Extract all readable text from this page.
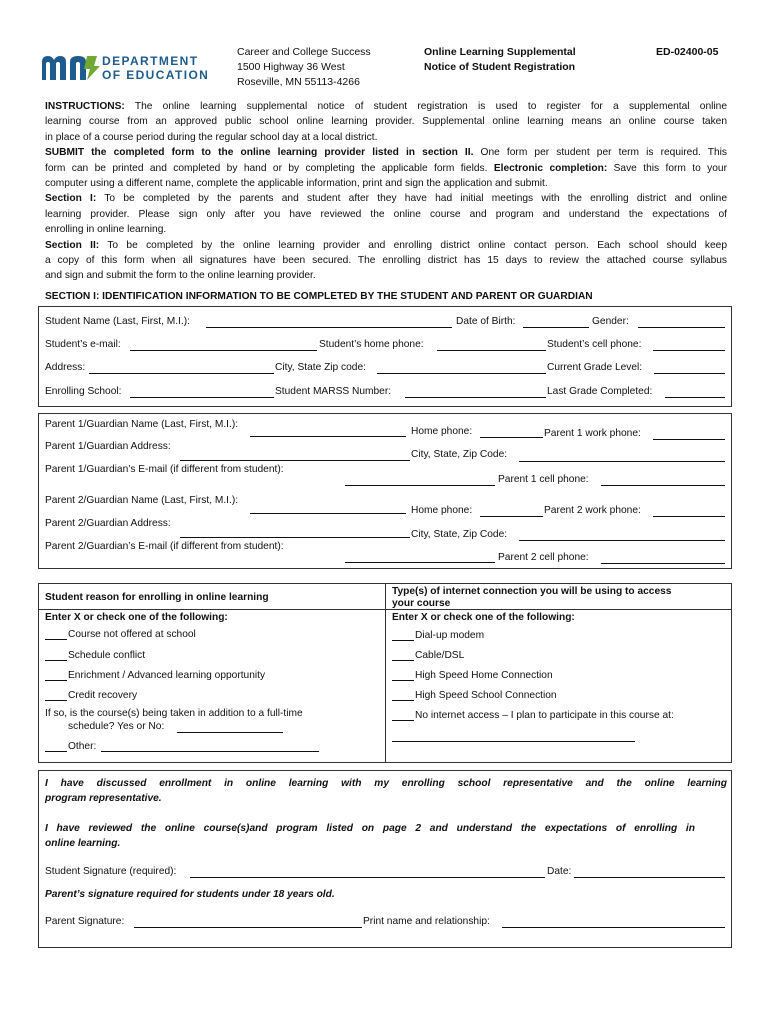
DEPARTMENT
OF EDUCATION
Career and College Success
1500 Highway 36 West
Roseville, MN 55113-4266
Online Learning Supplemental
Notice of Student Registration
ED-02400-05
INSTRUCTIONS: The online learning supplemental notice of student registration is used to register for a supplemental online
learning course from an approved public school online learning provider. Supplemental online learning means an online course taken
in place of a course period during the regular school day at a local district.
SUBMIT the completed form to the online learning provider listed in section II. One form per student per term is required. This
form can be printed and completed by hand or by completing the applicable form fields. Electronic completion: Save this form to your
computer using a different name, complete the applicable information, print and sign the application and submit.
Section I: To be completed by the parents and student after they have had initial meetings with the enrolling district and online
learning provider. Please sign only after you have reviewed the online course and program and understand the expectations of
enrolling in online learning.
Section II: To be completed by the online learning provider and enrolling district online contact person. Each school should keep
a copy of this form when all signatures have been secured. The enrolling district has 15 days to review the attached course syllabus
and sign and submit the form to the online learning provider.
SECTION I: IDENTIFICATION INFORMATION TO BE COMPLETED BY THE STUDENT AND PARENT OR GUARDIAN
Student Name (Last, First, M.I.):	Date of Birth:	Gender:
Student’s e-mail:	Student’s home phone:	Student’s cell phone:
Address:	City, State Zip code:	Current Grade Level:
Enrolling School:	Student MARSS Number:	Last Grade Completed:
Parent 1/Guardian Name (Last, First, M.I.):
Home phone:	Parent 1 work phone:
Parent 1/Guardian Address:
City, State, Zip Code:
Parent 1/Guardian’s E-mail (if different from student):
Parent 1 cell phone:
Parent 2/Guardian Name (Last, First, M.I.):
Home phone:	Parent 2 work phone:
Parent 2/Guardian Address:
City, State, Zip Code:
Parent 2/Guardian’s E-mail (if different from student):
Parent 2 cell phone:
Student reason for enrolling in online learning
Enter X or check one of the following:
Course not offered at school
Schedule conflict
Enrichment / Advanced learning opportunity
Credit recovery
If so, is the course(s) being taken in addition to a full-time
schedule? Yes or No:
Other:
Type(s) of internet connection you will be using to access
your course
Enter X or check one of the following:
Dial-up modem
Cable/DSL
High Speed Home Connection
High Speed School Connection
No internet access – I plan to participate in this course at:
I have discussed enrollment in online learning with my enrolling school representative and the online learning
program representative.
I have reviewed the online course(s)and program listed on page 2 and understand the expectations of enrolling in
online learning.
Student Signature (required):	Date:
Parent’s signature required for students under 18 years old.
Parent Signature:	Print name and relationship:
